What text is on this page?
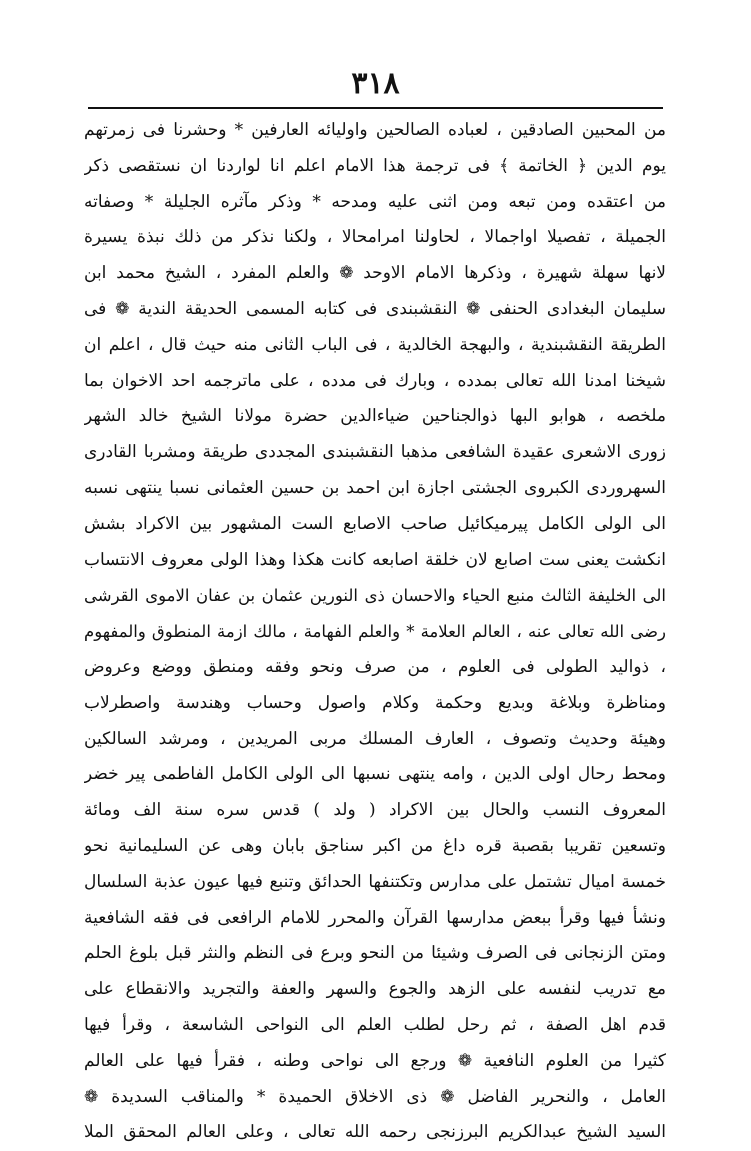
٣١٨
من المحبين الصادقين ، لعباده الصالحين واوليائه العارفين * وحشرنا فى زمرتهم
يوم الدين ﴿ الخاتمة ﴾ فى ترجمة هذا الامام اعلم انا لواردنا ان نستقصى ذكر
من اعتقده ومن تبعه ومن اثنى عليه ومدحه * وذكر مآثره الجليلة * وصفاته
الجميلة ، تفصيلا اواجمالا ، لحاولنا امرامحالا ، ولكنا نذكر من ذلك نبذة يسيرة
لانها سهلة شهيرة ، وذكرها الامام الاوحد ❁ والعلم المفرد ، الشيخ محمد ابن
سليمان البغدادى الحنفى ❁ النقشبندى فى كتابه المسمى الحديقة الندية ❁ فى
الطريقة النقشبندية ، والبهجة الخالدية ، فى الباب الثانى منه حيث قال ، اعلم ان
شيخنا امدنا الله تعالى بمدده ، وبارك فى مدده ، على ماترجمه احد الاخوان بما
ملخصه ، هوابو البها ذوالجناحين ضياءالدين حضرة مولانا الشيخ خالد الشهر
زورى الاشعرى عقيدة الشافعى مذهبا النقشبندى المجددى طريقة ومشربا القادرى
السهروردى الكبروى الجشتى اجازة ابن احمد بن حسين العثمانى نسبا ينتهى نسبه
الى الولى الكامل پيرميكائيل صاحب الاصابع الست المشهور بين الاكراد بشش
انكشت يعنى ست اصابع لان خلقة اصابعه كانت هكذا وهذا الولى معروف الانتساب
الى الخليفة الثالث منبع الحياء والاحسان ذى النورين عثمان بن عفان الاموى القرشى
رضى الله تعالى عنه ، العالم العلامة * والعلم الفهامة ، مالك ازمة المنطوق والمفهوم
، ذواليد الطولى فى العلوم ، من صرف ونحو وفقه ومنطق ووضع وعروض
ومناظرة وبلاغة وبديع وحكمة وكلام واصول وحساب وهندسة واصطرلاب
وهيئة وحديث وتصوف ، العارف المسلك مربى المريدين ، ومرشد السالكين
ومحط رحال اولى الدين ، وامه ينتهى نسبها الى الولى الكامل الفاطمى پير خضر
المعروف النسب والحال بين الاكراد ( ولد ) قدس سره سنة الف ومائة
وتسعين تقريبا بقصبة قره داغ من اكبر سناجق بابان وهى عن السليمانية نحو
خمسة اميال تشتمل على مدارس وتكتنفها الحدائق وتنبع فيها عيون عذبة السلسال
ونشأ فيها وقرأ ببعض مدارسها القرآن والمحرر للامام الرافعى فى فقه الشافعية
ومتن الزنجانى فى الصرف وشيئا من النحو وبرع فى النظم والنثر قبل بلوغ الحلم
مع تدريب لنفسه على الزهد والجوع والسهر والعفة والتجريد والانقطاع على
قدم اهل الصفة ، ثم رحل لطلب العلم الى النواحى الشاسعة ، وقرأ فيها
كثيرا من العلوم النافعية ❁ ورجع الى نواحى وطنه ، فقرأ فيها على العالم
العامل ، والنحرير الفاضل ❁ ذى الاخلاق الحميدة * والمناقب السديدة ❁
السيد الشيخ عبدالكريم البرزنجى رحمه الله تعالى ، وعلى العالم المحقق الملا
